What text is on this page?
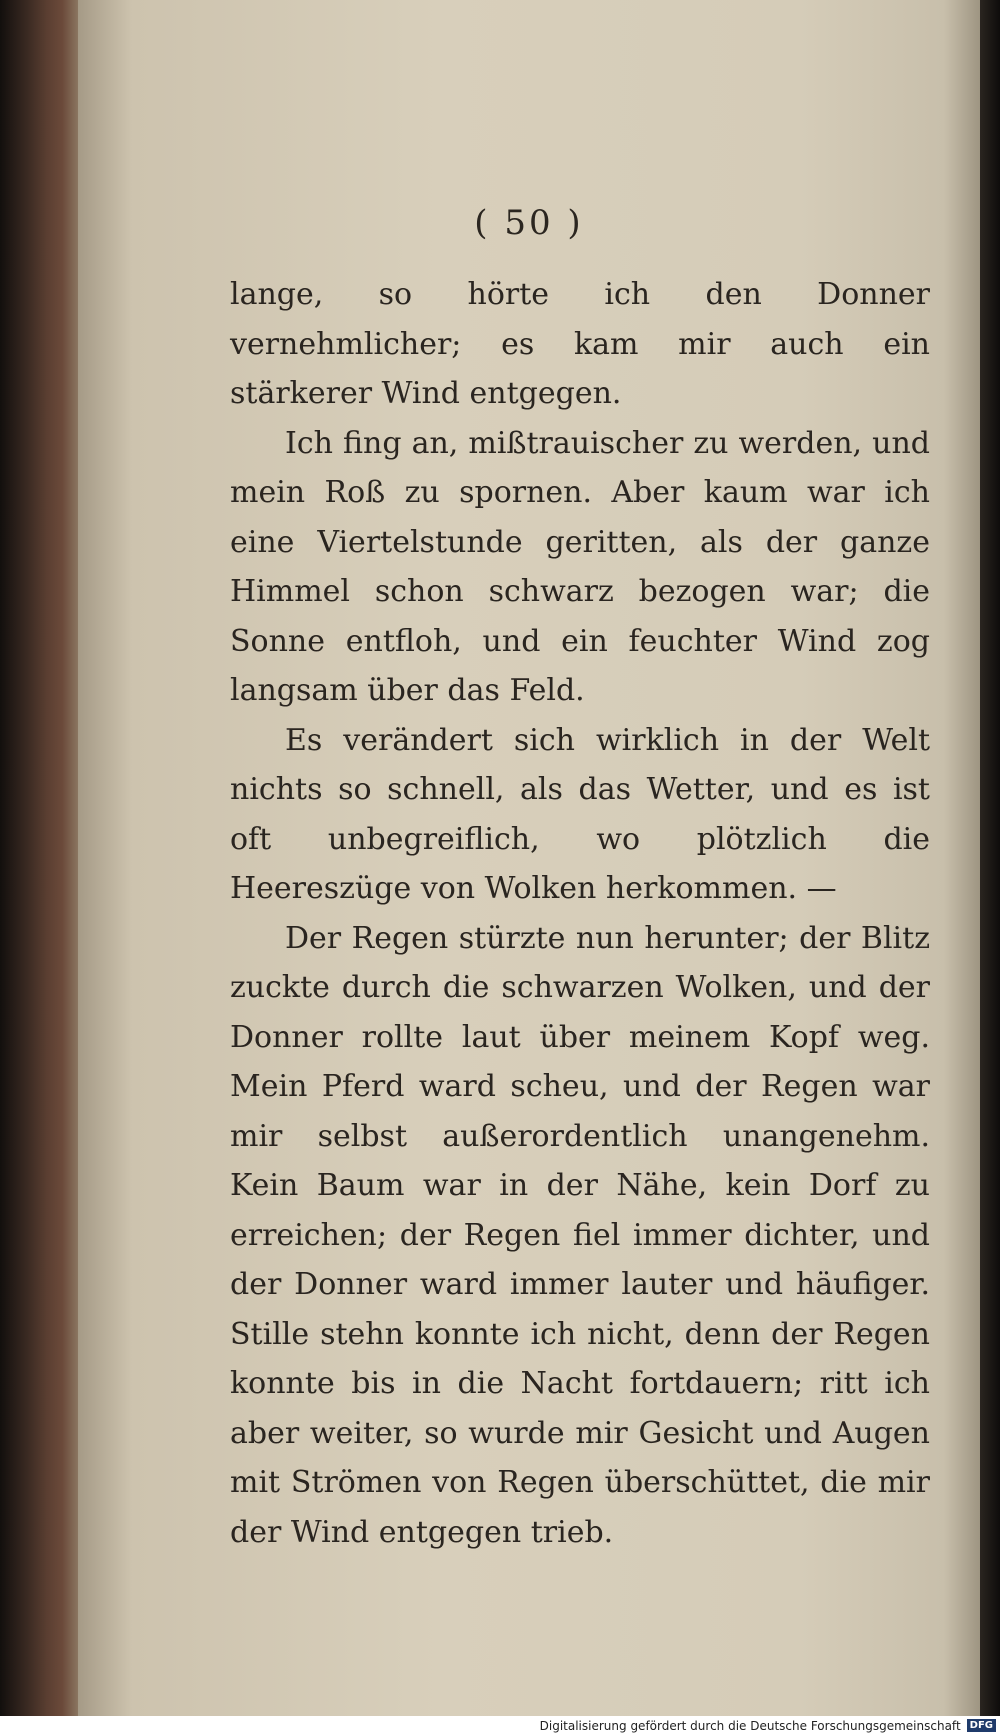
( 50 )

lange, so hörte ich den Donner vernehmlicher; es kam mir auch ein stärkerer Wind entgegen.

Ich fing an, mißtrauischer zu werden, und mein Roß zu spornen. Aber kaum war ich eine Viertelstunde geritten, als der ganze Himmel schon schwarz bezogen war; die Sonne entfloh, und ein feuchter Wind zog langsam über das Feld.

Es verändert sich wirklich in der Welt nichts so schnell, als das Wetter, und es ist oft unbegreiflich, wo plötzlich die Heereszüge von Wolken herkommen. —

Der Regen stürzte nun herunter; der Blitz zuckte durch die schwarzen Wolken, und der Donner rollte laut über meinem Kopf weg. Mein Pferd ward scheu, und der Regen war mir selbst außerordentlich unangenehm. Kein Baum war in der Nähe, kein Dorf zu erreichen; der Regen fiel immer dichter, und der Donner ward immer lauter und häufiger. Stille stehn konnte ich nicht, denn der Regen konnte bis in die Nacht fortdauern; ritt ich aber weiter, so wurde mir Gesicht und Augen mit Strömen von Regen überschüttet, die mir der Wind entgegen trieb.

Digitalisierung gefördert durch die Deutsche Forschungsgemeinschaft DFG
